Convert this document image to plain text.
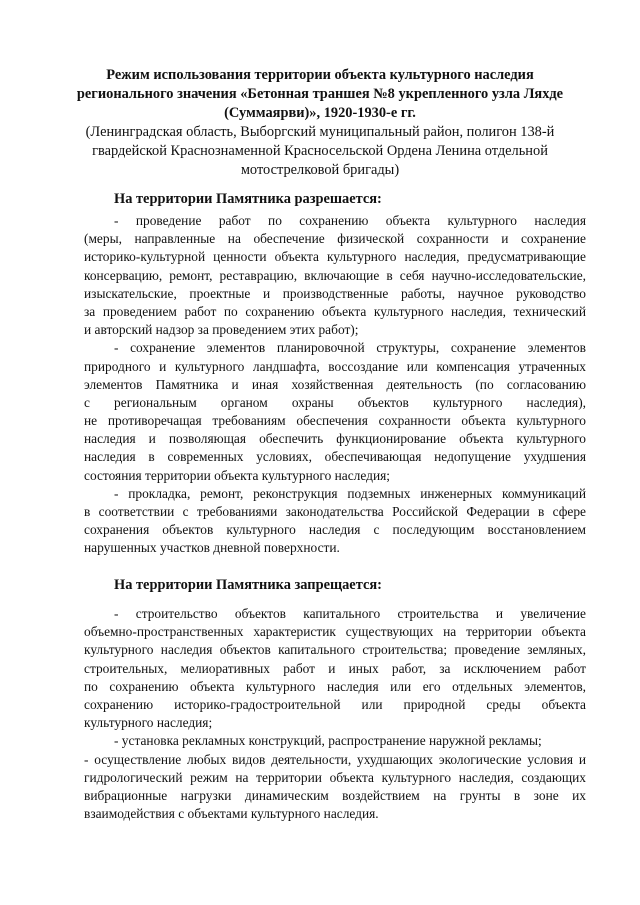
Режим использования территории объекта культурного наследия
регионального значения «Бетонная траншея №8 укрепленного узла Ляхде
(Суммаярви)», 1920-1930-е гг.
(Ленинградская область, Выборгский муниципальный район, полигон 138-й
гвардейской Краснознаменной Красносельской Ордена Ленина отдельной
мотострелковой бригады)
На территории Памятника разрешается:
- проведение работ по сохранению объекта культурного наследия
(меры, направленные на обеспечение физической сохранности и сохранение
историко-культурной ценности объекта культурного наследия, предусматривающие
консервацию, ремонт, реставрацию, включающие в себя научно-исследовательские,
изыскательские, проектные и производственные работы, научное руководство
за проведением работ по сохранению объекта культурного наследия, технический
и авторский надзор за проведением этих работ);
- сохранение элементов планировочной структуры, сохранение элементов
природного и культурного ландшафта, воссоздание или компенсация утраченных
элементов Памятника и иная хозяйственная деятельность (по согласованию
с региональным органом охраны объектов культурного наследия),
не противоречащая требованиям обеспечения сохранности объекта культурного
наследия и позволяющая обеспечить функционирование объекта культурного
наследия в современных условиях, обеспечивающая недопущение ухудшения
состояния территории объекта культурного наследия;
- прокладка, ремонт, реконструкция подземных инженерных коммуникаций
в соответствии с требованиями законодательства Российской Федерации в сфере
сохранения объектов культурного наследия с последующим восстановлением
нарушенных участков дневной поверхности.
На территории Памятника запрещается:
- строительство объектов капитального строительства и увеличение
объемно-пространственных характеристик существующих на территории объекта
культурного наследия объектов капитального строительства; проведение земляных,
строительных, мелиоративных работ и иных работ, за исключением работ
по сохранению объекта культурного наследия или его отдельных элементов,
сохранению историко-градостроительной или природной среды объекта
культурного наследия;
- установка рекламных конструкций, распространение наружной рекламы;
- осуществление любых видов деятельности, ухудшающих экологические условия и
гидрологический режим на территории объекта культурного наследия, создающих
вибрационные нагрузки динамическим воздействием на грунты в зоне их
взаимодействия с объектами культурного наследия.
